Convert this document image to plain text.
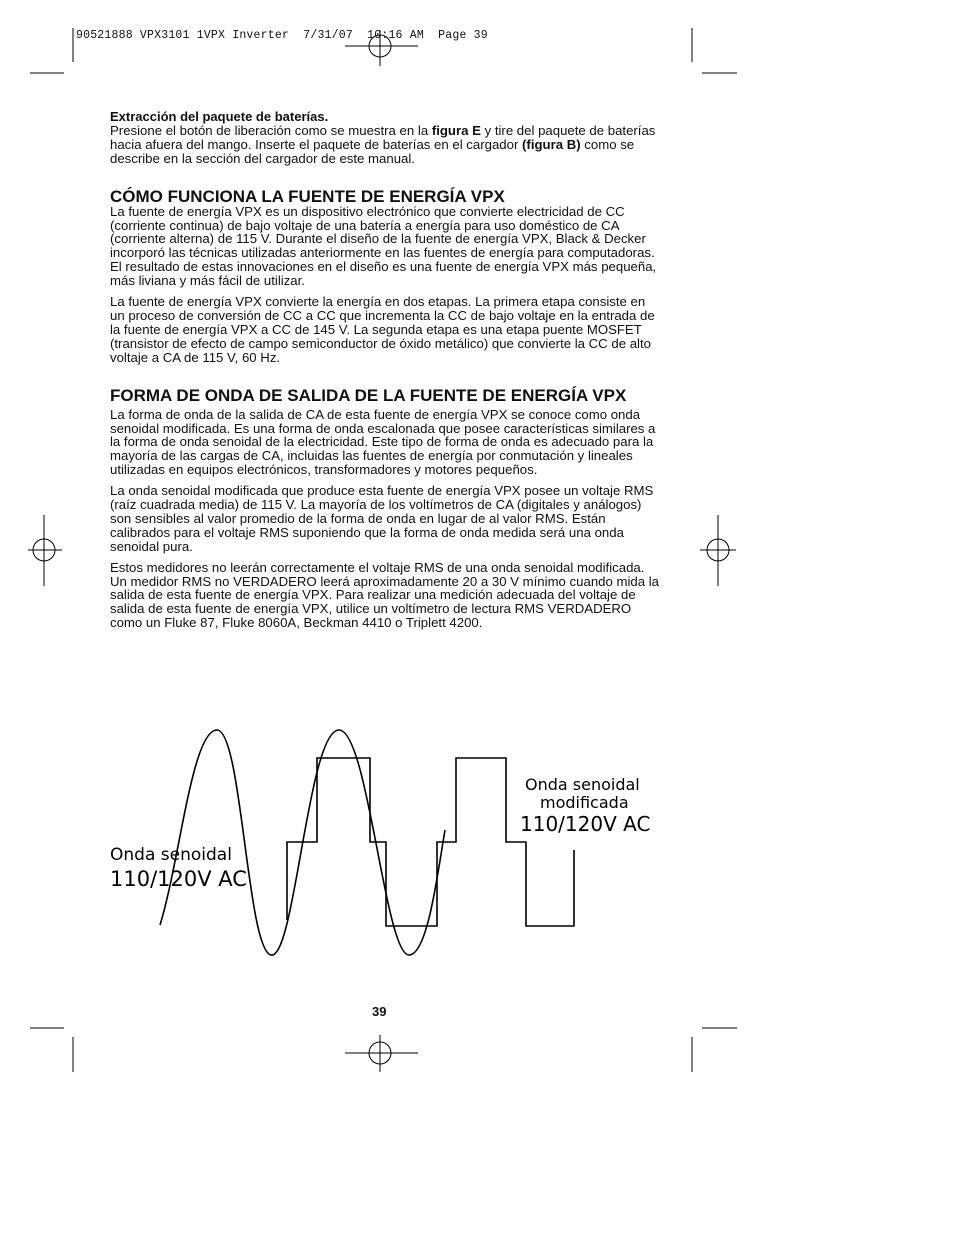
90521888 VPX3101 1VPX Inverter  7/31/07  10:16 AM  Page 39

Extracción del paquete de baterías.
Presione el botón de liberación como se muestra en la figura E y tire del paquete de baterías hacia afuera del mango. Inserte el paquete de baterías en el cargador (figura B) como se describe en la sección del cargador de este manual.

CÓMO FUNCIONA LA FUENTE DE ENERGÍA VPX

La fuente de energía VPX es un dispositivo electrónico que convierte electricidad de CC (corriente continua) de bajo voltaje de una batería a energía para uso doméstico de CA (corriente alterna) de 115 V. Durante el diseño de la fuente de energía VPX, Black & Decker incorporó las técnicas utilizadas anteriormente en las fuentes de energía para computadoras. El resultado de estas innovaciones en el diseño es una fuente de energía VPX más pequeña, más liviana y más fácil de utilizar.

La fuente de energía VPX convierte la energía en dos etapas. La primera etapa consiste en un proceso de conversión de CC a CC que incrementa la CC de bajo voltaje en la entrada de la fuente de energía VPX a CC de 145 V. La segunda etapa es una etapa puente MOSFET (transistor de efecto de campo semiconductor de óxido metálico) que convierte la CC de alto voltaje a CA de 115 V, 60 Hz.

FORMA DE ONDA DE SALIDA DE LA FUENTE DE ENERGÍA VPX

La forma de onda de la salida de CA de esta fuente de energía VPX se conoce como onda senoidal modificada. Es una forma de onda escalonada que posee características similares a la forma de onda senoidal de la electricidad. Este tipo de forma de onda es adecuado para la mayoría de las cargas de CA, incluidas las fuentes de energía por conmutación y lineales utilizadas en equipos electrónicos, transformadores y motores pequeños.

La onda senoidal modificada que produce esta fuente de energía VPX posee un voltaje RMS (raíz cuadrada media) de 115 V. La mayoría de los voltímetros de CA (digitales y análogos) son sensibles al valor promedio de la forma de onda en lugar de al valor RMS. Están calibrados para el voltaje RMS suponiendo que la forma de onda medida será una onda senoidal pura.

Estos medidores no leerán correctamente el voltaje RMS de una onda senoidal modificada. Un medidor RMS no VERDADERO leerá aproximadamente 20 a 30 V mínimo cuando mida la salida de esta fuente de energía VPX. Para realizar una medición adecuada del voltaje de salida de esta fuente de energía VPX, utilice un voltímetro de lectura RMS VERDADERO como un Fluke 87, Fluke 8060A, Beckman 4410 o Triplett 4200.

Onda senoidal
110/120V AC
Onda senoidal
modificada
110/120V AC
39
